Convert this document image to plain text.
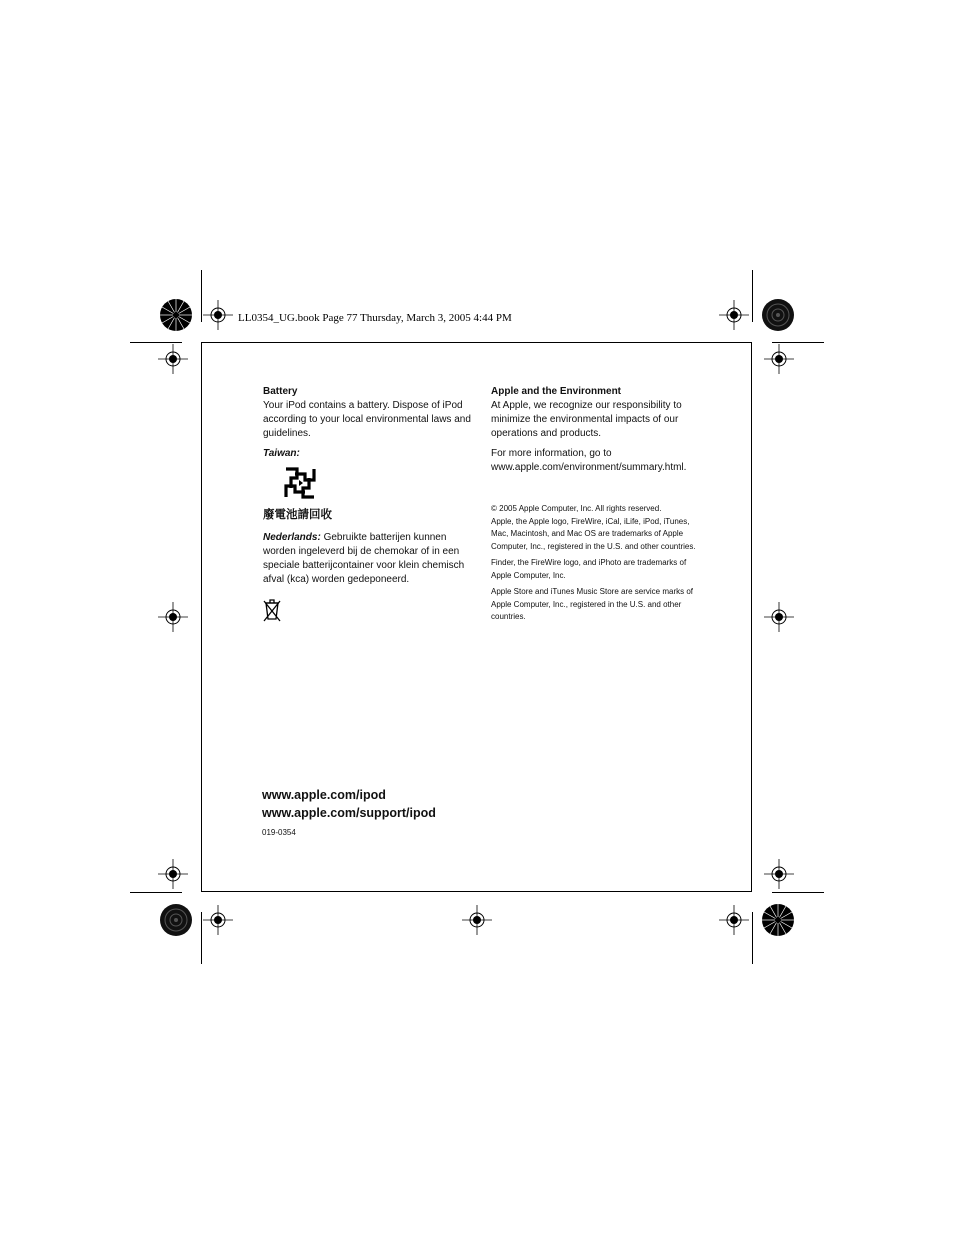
LL0354_UG.book Page 77 Thursday, March 3, 2005 4:44 PM
Battery
Your iPod contains a battery. Dispose of iPod according to your local environmental laws and guidelines.
Taiwan:
廢電池請回收
Nederlands: Gebruikte batterijen kunnen worden ingeleverd bij de chemokar of in een speciale batterijcontainer voor klein chemisch afval (kca) worden gedeponeerd.
Apple and the Environment
At Apple, we recognize our responsibility to minimize the environmental impacts of our operations and products.
For more information, go to www.apple.com/environment/summary.html.
© 2005 Apple Computer, Inc. All rights reserved.
Apple, the Apple logo, FireWire, iCal, iLife, iPod, iTunes, Mac, Macintosh, and Mac OS are trademarks of Apple Computer, Inc., registered in the U.S. and other countries.
Finder, the FireWire logo, and iPhoto are trademarks of Apple Computer, Inc.
Apple Store and iTunes Music Store are service marks of Apple Computer, Inc., registered in the U.S. and other countries.
www.apple.com/ipod
www.apple.com/support/ipod
019-0354
